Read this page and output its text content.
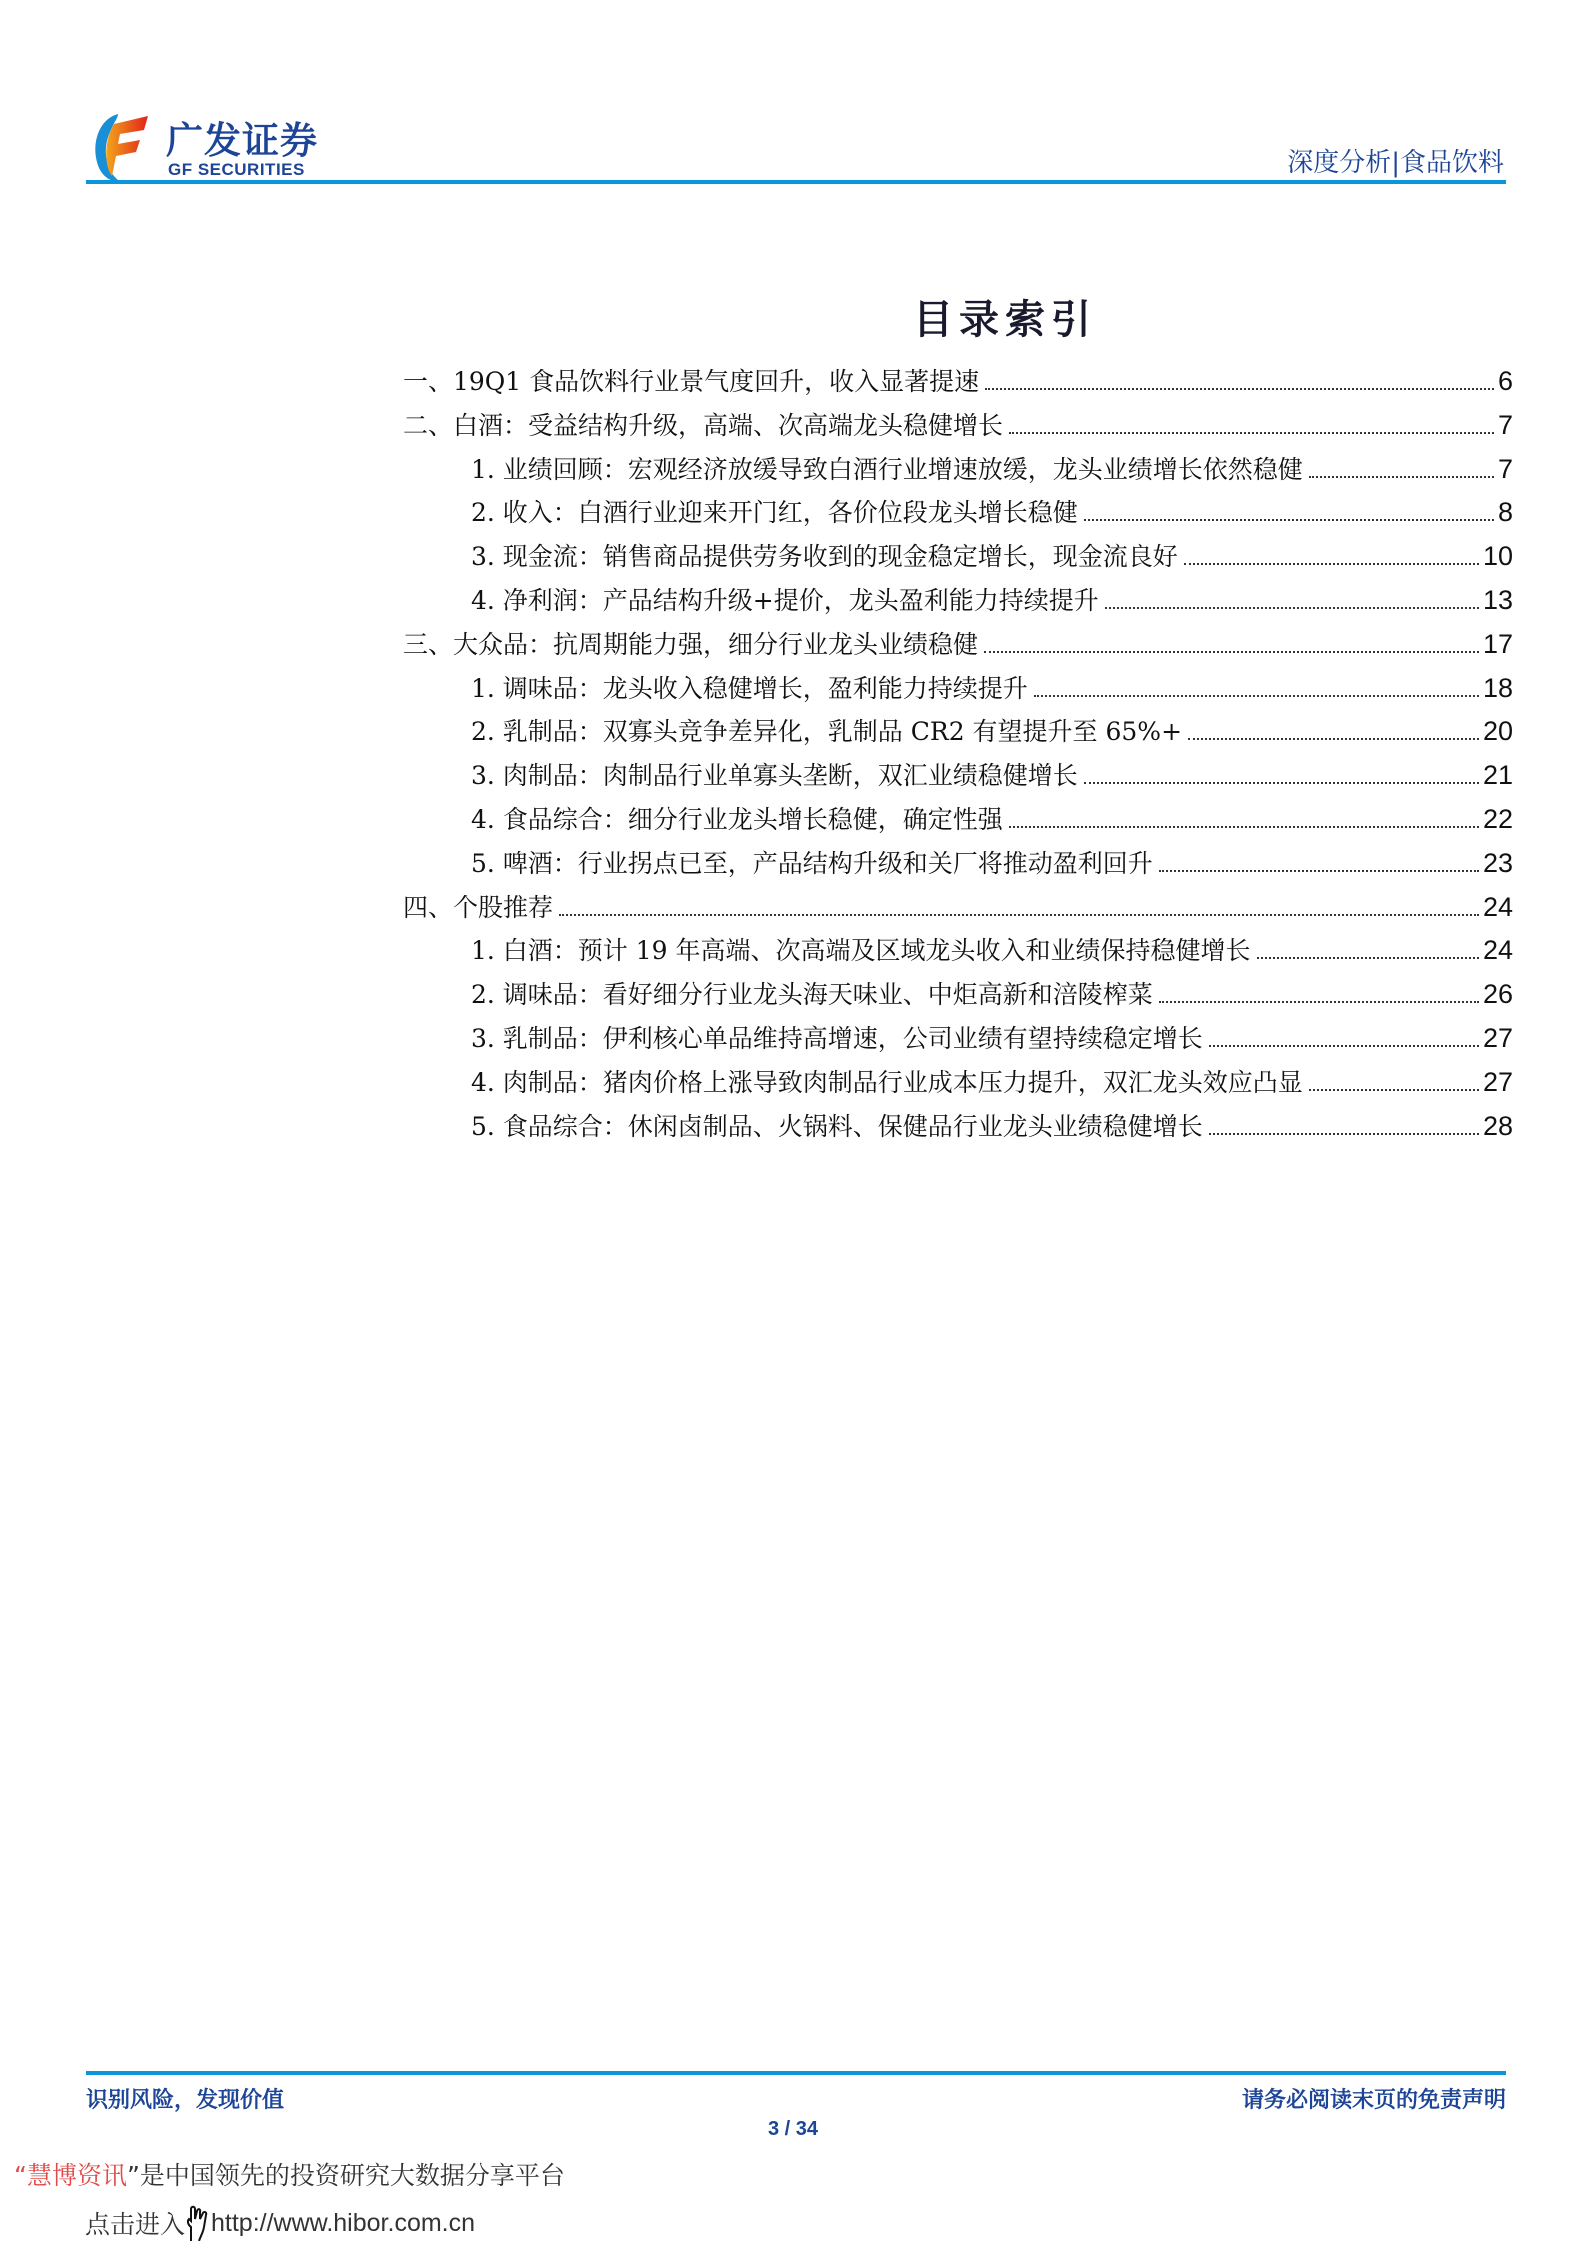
广发证券
GF SECURITIES	深度分析|食品饮料
目录索引
一、19Q1 食品饮料行业景气度回升，收入显著提速	6
二、白酒：受益结构升级，高端、次高端龙头稳健增长	7
1. 业绩回顾：宏观经济放缓导致白酒行业增速放缓，龙头业绩增长依然稳健	7
2. 收入：白酒行业迎来开门红，各价位段龙头增长稳健	8
3. 现金流：销售商品提供劳务收到的现金稳定增长，现金流良好	10
4. 净利润：产品结构升级+提价，龙头盈利能力持续提升	13
三、大众品：抗周期能力强，细分行业龙头业绩稳健	17
1. 调味品：龙头收入稳健增长，盈利能力持续提升	18
2. 乳制品：双寡头竞争差异化，乳制品 CR2 有望提升至 65%+	20
3. 肉制品：肉制品行业单寡头垄断，双汇业绩稳健增长	21
4. 食品综合：细分行业龙头增长稳健，确定性强	22
5. 啤酒：行业拐点已至，产品结构升级和关厂将推动盈利回升	23
四、个股推荐	24
1. 白酒：预计 19 年高端、次高端及区域龙头收入和业绩保持稳健增长	24
2. 调味品：看好细分行业龙头海天味业、中炬高新和涪陵榨菜	26
3. 乳制品：伊利核心单品维持高增速，公司业绩有望持续稳定增长	27
4. 肉制品：猪肉价格上涨导致肉制品行业成本压力提升，双汇龙头效应凸显	27
5. 食品综合：休闲卤制品、火锅料、保健品行业龙头业绩稳健增长	28
识别风险，发现价值	请务必阅读末页的免责声明
3 / 34
“慧博资讯”是中国领先的投资研究大数据分享平台
点击进入 http://www.hibor.com.cn
